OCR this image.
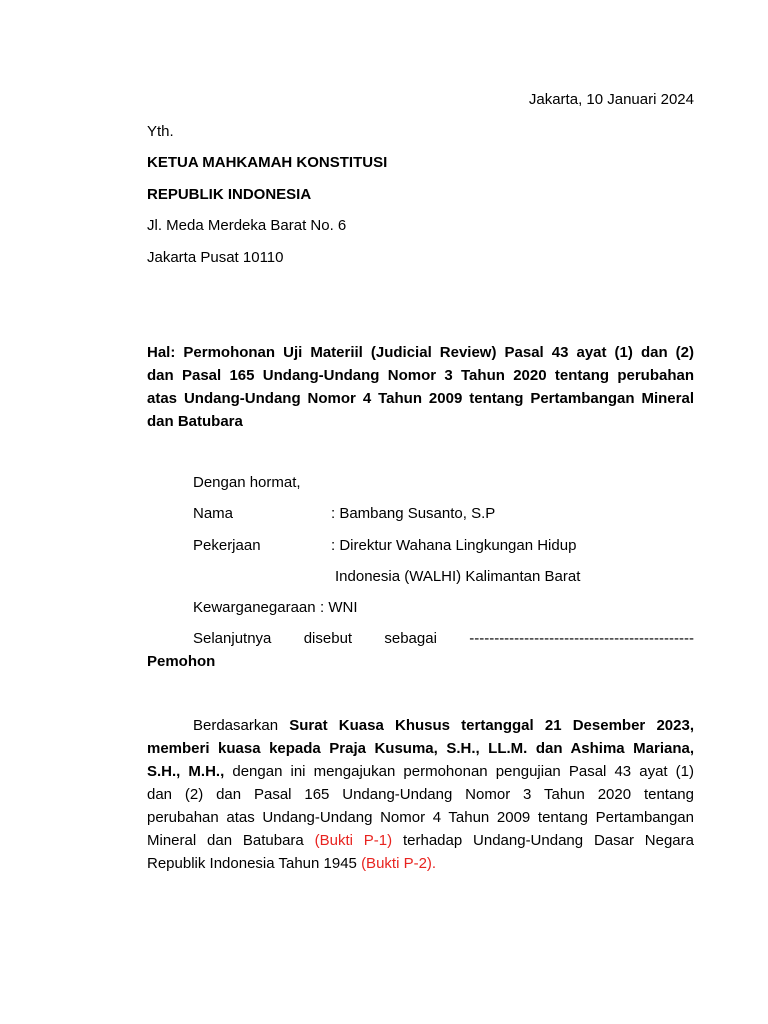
Jakarta, 10 Januari 2024
Yth.
KETUA MAHKAMAH KONSTITUSI
REPUBLIK INDONESIA
Jl. Meda Merdeka Barat No. 6
Jakarta Pusat 10110
Hal: Permohonan Uji Materiil (Judicial Review) Pasal 43 ayat (1) dan (2)
dan Pasal 165 Undang-Undang Nomor 3 Tahun 2020 tentang perubahan
atas Undang-Undang Nomor 4 Tahun 2009 tentang Pertambangan Mineral
dan Batubara
Dengan hormat,
Nama	: Bambang Susanto, S.P
Pekerjaan	: Direktur Wahana Lingkungan Hidup
Indonesia (WALHI) Kalimantan Barat
Kewarganegaraan : WNI
Selanjutnya disebut sebagai ---------------------------------------------
Pemohon
Berdasarkan Surat Kuasa Khusus tertanggal 21 Desember 2023,
memberi kuasa kepada Praja Kusuma, S.H., LL.M. dan Ashima Mariana,
S.H., M.H., dengan ini mengajukan permohonan pengujian Pasal 43 ayat (1)
dan (2) dan Pasal 165 Undang-Undang Nomor 3 Tahun 2020 tentang
perubahan atas Undang-Undang Nomor 4 Tahun 2009 tentang Pertambangan
Mineral dan Batubara (Bukti P-1) terhadap Undang-Undang Dasar Negara
Republik Indonesia Tahun 1945 (Bukti P-2).
